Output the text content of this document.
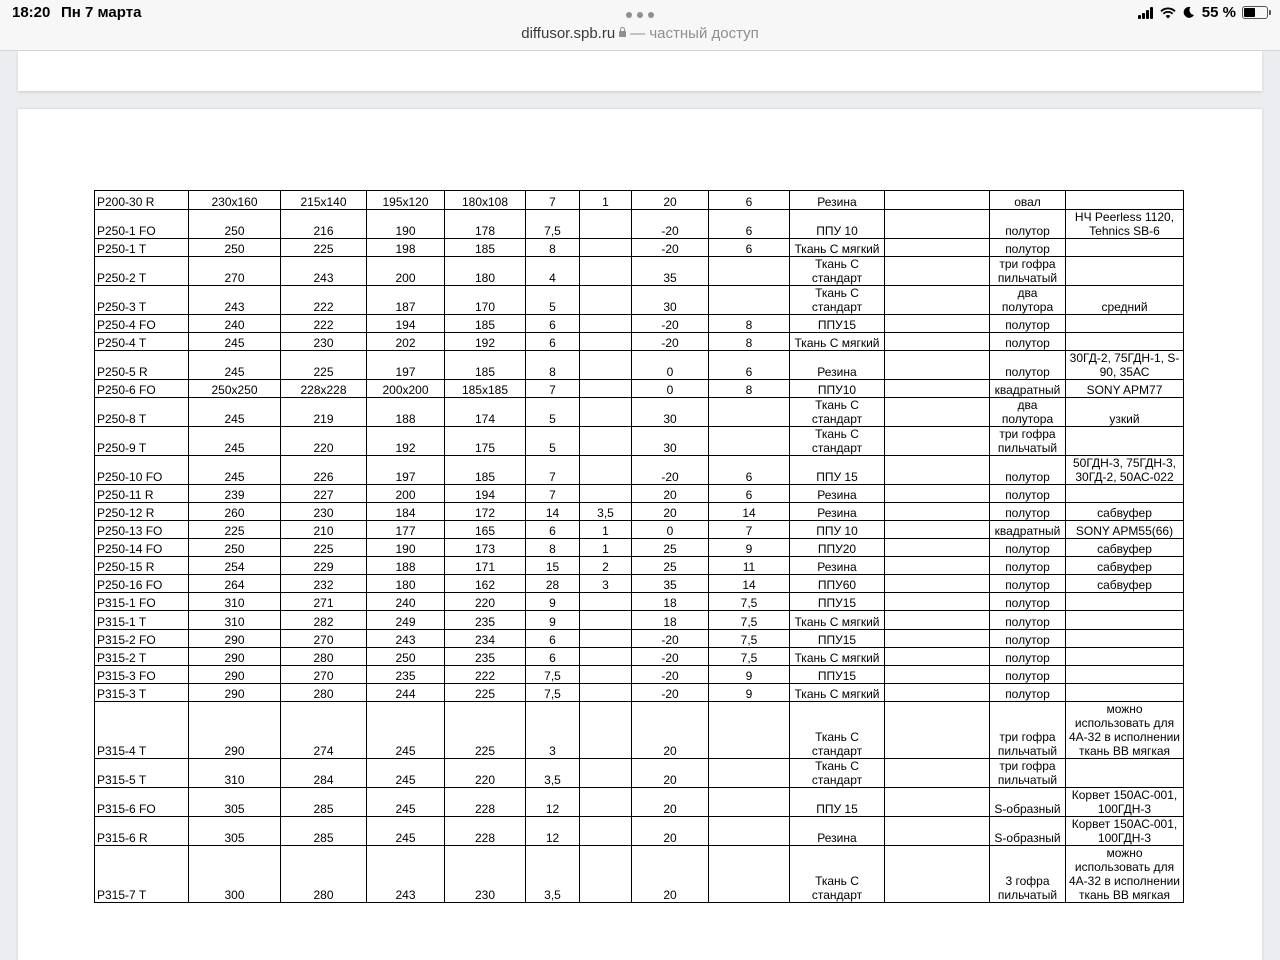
18:20 Пн 7 марта
diffusor.spb.ru — частный доступ
55 %
P200-30 R	230x160	215x140	195x120	180x108	7	1	20	6	Резина		овал	
P250-1 FO	250	216	190	178	7,5		-20	6	ППУ 10		полутор	НЧ Peerless 1120, Tehnics SB-6
P250-1 T	250	225	198	185	8		-20	6	Ткань С мягкий		полутор	
P250-2 T	270	243	200	180	4		35		Ткань С стандарт		три гофра пильчатый	
P250-3 T	243	222	187	170	5		30		Ткань С стандарт		два полутора	средний
P250-4 FO	240	222	194	185	6		-20	8	ППУ15		полутор	
P250-4 T	245	230	202	192	6		-20	8	Ткань С мягкий		полутор	
P250-5 R	245	225	197	185	8		0	6	Резина		полутор	30ГД-2, 75ГДН-1, S-90, 35АС
P250-6 FO	250x250	228x228	200x200	185x185	7		0	8	ППУ10		квадратный	SONY APM77
P250-8 T	245	219	188	174	5		30		Ткань С стандарт		два полутора	узкий
P250-9 T	245	220	192	175	5		30		Ткань С стандарт		три гофра пильчатый	
P250-10 FO	245	226	197	185	7		-20	6	ППУ 15		полутор	50ГДН-3, 75ГДН-3, 30ГД-2, 50АС-022
P250-11 R	239	227	200	194	7		20	6	Резина		полутор	
P250-12 R	260	230	184	172	14	3,5	20	14	Резина		полутор	сабвуфер
P250-13 FO	225	210	177	165	6	1	0	7	ППУ 10		квадратный	SONY APM55(66)
P250-14 FO	250	225	190	173	8	1	25	9	ППУ20		полутор	сабвуфер
P250-15 R	254	229	188	171	15	2	25	11	Резина		полутор	сабвуфер
P250-16 FO	264	232	180	162	28	3	35	14	ППУ60		полутор	сабвуфер
P315-1 FO	310	271	240	220	9		18	7,5	ППУ15		полутор	
P315-1 T	310	282	249	235	9		18	7,5	Ткань С мягкий		полутор	
P315-2 FO	290	270	243	234	6		-20	7,5	ППУ15		полутор	
P315-2 T	290	280	250	235	6		-20	7,5	Ткань С мягкий		полутор	
P315-3 FO	290	270	235	222	7,5		-20	9	ППУ15		полутор	
P315-3 T	290	280	244	225	7,5		-20	9	Ткань С мягкий		полутор	
P315-4 T	290	274	245	225	3		20		Ткань С стандарт		три гофра пильчатый	можно использовать для 4А-32 в исполнении ткань ВВ мягкая
P315-5 T	310	284	245	220	3,5		20		Ткань С стандарт		три гофра пильчатый	
P315-6 FO	305	285	245	228	12		20		ППУ 15		S-образный	Корвет 150АС-001, 100ГДН-3
P315-6 R	305	285	245	228	12		20		Резина		S-образный	Корвет 150АС-001, 100ГДН-3
P315-7 T	300	280	243	230	3,5		20		Ткань С стандарт		3 гофра пильчатый	можно использовать для 4А-32 в исполнении ткань ВВ мягкая
